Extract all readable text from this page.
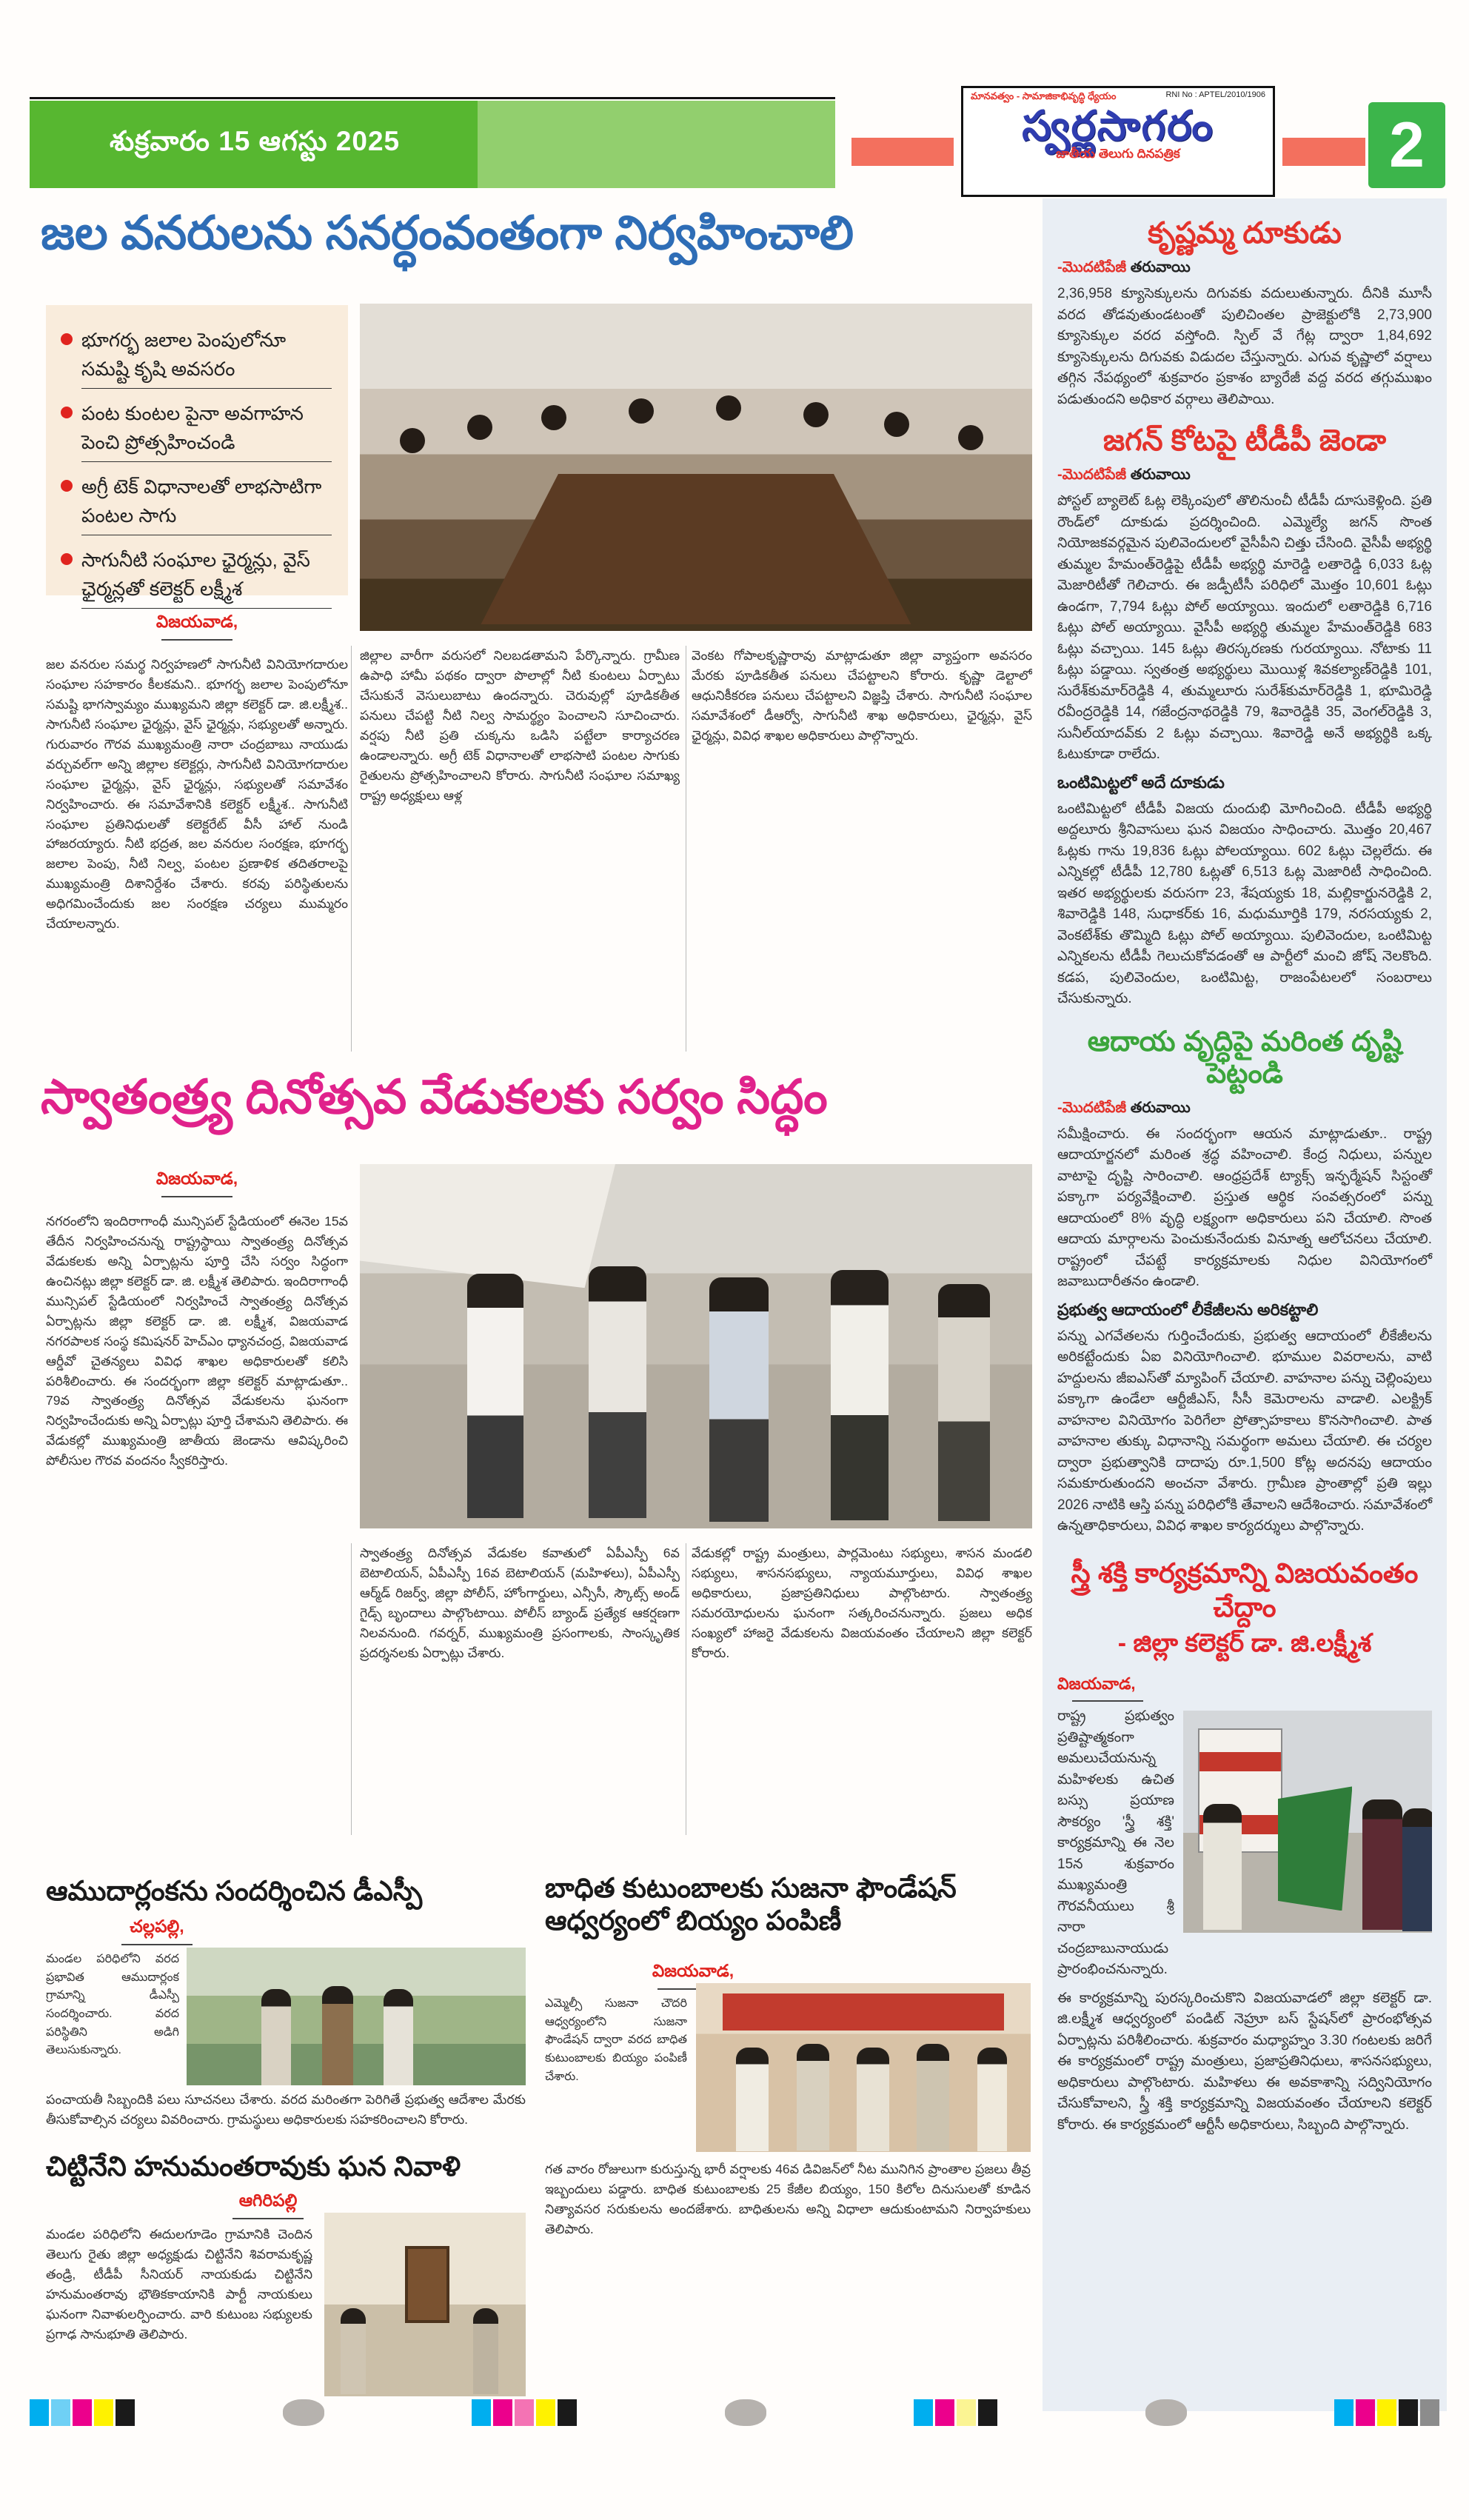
శుక్రవారం 15 ఆగస్టు 2025
మానవత్వం - సామాజికాభివృద్ధి ధ్యేయం	RNI No : APTEL/2010/1906
స్వర్ణసాగరం
జాతీయ తెలుగు దినపత్రిక	2
జల వనరులను సనర్ధంవంతంగా నిర్వహించాలి
భూగర్భ జలాల పెంపులోనూ సమష్టి కృషి అవసరం
పంట కుంటల పైనా అవగాహన పెంచి ప్రోత్సహించండి
అగ్రీ టెక్ విధానాలతో లాభసాటిగా పంటల సాగు
సాగునీటి సంఘాల ఛైర్మన్లు, వైస్ ఛైర్మన్లతో కలెక్టర్ లక్ష్మీశ
విజయవాడ,
జల వనరుల సమర్థ నిర్వహణలో సాగునీటి వినియోగదారుల సంఘాల సహకారం కీలకమని.. భూగర్భ జలాల పెంపులోనూ సమష్టి భాగస్వామ్యం ముఖ్యమని జిల్లా కలెక్టర్ డా. జి.లక్ష్మీశ.. సాగునీటి సంఘాల ఛైర్మన్లు, వైస్ ఛైర్మన్లు, సభ్యులతో అన్నారు. గురువారం గౌరవ ముఖ్యమంత్రి నారా చంద్రబాబు నాయుడు వర్చువల్‌గా అన్ని జిల్లాల కలెక్టర్లు, సాగునీటి వినియోగదారుల సంఘాల ఛైర్మన్లు, వైస్ ఛైర్మన్లు, సభ్యులతో సమావేశం నిర్వహించారు. ఈ సమావేశానికి కలెక్టర్ లక్ష్మీశ.. సాగునీటి సంఘాల ప్రతినిధులతో కలెక్టరేట్ వీసీ హాల్ నుండి హాజరయ్యారు. నీటి భద్రత, జల వనరుల సంరక్షణ, భూగర్భ జలాల పెంపు, నీటి నిల్వ, పంటల ప్రణాళిక తదితరాలపై ముఖ్యమంత్రి దిశానిర్దేశం చేశారు. కరవు పరిస్థితులను అధిగమించేందుకు జల సంరక్షణ చర్యలు ముమ్మరం చేయాలన్నారు.
జిల్లాల వారీగా వరుసలో నిలబడతామని పేర్కొన్నారు. గ్రామీణ ఉపాధి హామీ పథకం ద్వారా పొలాల్లో నీటి కుంటలు ఏర్పాటు చేసుకునే వెసులుబాటు ఉందన్నారు. చెరువుల్లో పూడికతీత పనులు చేపట్టి నీటి నిల్వ సామర్థ్యం పెంచాలని సూచించారు. వర్షపు నీటి ప్రతి చుక్కను ఒడిసి పట్టేలా కార్యాచరణ ఉండాలన్నారు. అగ్రీ టెక్ విధానాలతో లాభసాటి పంటల సాగుకు రైతులను ప్రోత్సహించాలని కోరారు. సాగునీటి సంఘాల సమాఖ్య రాష్ట్ర అధ్యక్షులు ఆళ్ల
వెంకట గోపాలకృష్ణారావు మాట్లాడుతూ జిల్లా వ్యాప్తంగా అవసరం మేరకు పూడికతీత పనులు చేపట్టాలని కోరారు. కృష్ణా డెల్టాలో ఆధునికీకరణ పనులు చేపట్టాలని విజ్ఞప్తి చేశారు. సాగునీటి సంఘాల సమావేశంలో డీఆర్వో, సాగునీటి శాఖ అధికారులు, ఛైర్మన్లు, వైస్ ఛైర్మన్లు, వివిధ శాఖల అధికారులు పాల్గొన్నారు.
స్వాతంత్ర్య దినోత్సవ వేడుకలకు సర్వం సిద్ధం
విజయవాడ,
నగరంలోని ఇందిరాగాంధీ మున్సిపల్ స్టేడియంలో ఈనెల 15వ తేదీన నిర్వహించనున్న రాష్ట్రస్థాయి స్వాతంత్ర్య దినోత్సవ వేడుకలకు అన్ని ఏర్పాట్లను పూర్తి చేసి సర్వం సిద్ధంగా ఉంచినట్లు జిల్లా కలెక్టర్ డా. జి. లక్ష్మీశ తెలిపారు. ఇందిరాగాంధీ మున్సిపల్ స్టేడియంలో నిర్వహించే స్వాతంత్ర్య దినోత్సవ ఏర్పాట్లను జిల్లా కలెక్టర్ డా. జి. లక్ష్మీశ, విజయవాడ నగరపాలక సంస్థ కమిషనర్ హెచ్‌ఎం ధ్యానచంద్ర, విజయవాడ ఆర్డీవో చైతన్యలు వివిధ శాఖల అధికారులతో కలిసి పరిశీలించారు. ఈ సందర్భంగా జిల్లా కలెక్టర్ మాట్లాడుతూ.. 79వ స్వాతంత్ర్య దినోత్సవ వేడుకలను ఘనంగా నిర్వహించేందుకు అన్ని ఏర్పాట్లు పూర్తి చేశామని తెలిపారు. ఈ వేడుకల్లో ముఖ్యమంత్రి జాతీయ జెండాను ఆవిష్కరించి పోలీసుల గౌరవ వందనం స్వీకరిస్తారు.
స్వాతంత్ర్య దినోత్సవ వేడుకల కవాతులో ఏపీఎస్పీ 6వ బెటాలియన్, ఏపీఎస్పీ 16వ బెటాలియన్ (మహిళలు), ఏపీఎస్పీ ఆర్మ్‌డ్ రిజర్వ్, జిల్లా పోలీస్, హోంగార్డులు, ఎన్సీసీ, స్కౌట్స్ అండ్ గైడ్స్ బృందాలు పాల్గొంటాయి. పోలీస్ బ్యాండ్ ప్రత్యేక ఆకర్షణగా నిలవనుంది. గవర్నర్, ముఖ్యమంత్రి ప్రసంగాలకు, సాంస్కృతిక ప్రదర్శనలకు ఏర్పాట్లు చేశారు.
వేడుకల్లో రాష్ట్ర మంత్రులు, పార్లమెంటు సభ్యులు, శాసన మండలి సభ్యులు, శాసనసభ్యులు, న్యాయమూర్తులు, వివిధ శాఖల అధికారులు, ప్రజాప్రతినిధులు పాల్గొంటారు. స్వాతంత్ర్య సమరయోధులను ఘనంగా సత్కరించనున్నారు. ప్రజలు అధిక సంఖ్యలో హాజరై వేడుకలను విజయవంతం చేయాలని జిల్లా కలెక్టర్ కోరారు.
ఆముదార్లంకను సందర్శించిన డీఎస్పీ
చల్లపల్లి,
మండల పరిధిలోని వరద ప్రభావిత ఆముదార్లంక గ్రామాన్ని డీఎస్పీ సందర్శించారు. వరద పరిస్థితిని అడిగి తెలుసుకున్నారు.
పంచాయతీ సిబ్బందికి పలు సూచనలు చేశారు. వరద మరింతగా పెరిగితే ప్రభుత్వ ఆదేశాల మేరకు తీసుకోవాల్సిన చర్యలు వివరించారు. గ్రామస్థులు అధికారులకు సహకరించాలని కోరారు.
చిట్టినేని హనుమంతరావుకు ఘన నివాళి
ఆగిరిపల్లి
మండల పరిధిలోని ఈదులగూడెం గ్రామానికి చెందిన తెలుగు రైతు జిల్లా అధ్యక్షుడు చిట్టినేని శివరామకృష్ణ తండ్రి, టీడీపీ సీనియర్ నాయకుడు చిట్టినేని హనుమంతరావు భౌతికకాయానికి పార్టీ నాయకులు ఘనంగా నివాళులర్పించారు. వారి కుటుంబ సభ్యులకు ప్రగాఢ సానుభూతి తెలిపారు.
బాధిత కుటుంబాలకు సుజనా ఫౌండేషన్ ఆధ్వర్యంలో బియ్యం పంపిణీ
విజయవాడ,
ఎమ్మెల్సీ సుజనా చౌదరి ఆధ్వర్యంలోని సుజనా ఫౌండేషన్ ద్వారా వరద బాధిత కుటుంబాలకు బియ్యం పంపిణీ చేశారు.
గత వారం రోజులుగా కురుస్తున్న భారీ వర్షాలకు 46వ డివిజన్‌లో నీట మునిగిన ప్రాంతాల ప్రజలు తీవ్ర ఇబ్బందులు పడ్డారు. బాధిత కుటుంబాలకు 25 కేజీల బియ్యం, 150 కిలోల దినుసులతో కూడిన నిత్యావసర సరుకులను అందజేశారు. బాధితులను అన్ని విధాలా ఆదుకుంటామని నిర్వాహకులు తెలిపారు.
కృష్ణమ్మ దూకుడు
-మొదటిపేజీ తరువాయి
2,36,958 క్యూసెక్కులను దిగువకు వదులుతున్నారు. దీనికి మూసీ వరద తోడవుతుండటంతో పులిచింతల ప్రాజెక్టులోకి 2,73,900 క్యూసెక్కుల వరద వస్తోంది. స్పిల్ వే గేట్ల ద్వారా 1,84,692 క్యూసెక్కులను దిగువకు విడుదల చేస్తున్నారు. ఎగువ కృష్ణాలో వర్షాలు తగ్గిన నేపథ్యంలో శుక్రవారం ప్రకాశం బ్యారేజీ వద్ద వరద తగ్గుముఖం పడుతుందని అధికార వర్గాలు తెలిపాయి.
జగన్ కోటపై టీడీపీ జెండా
-మొదటిపేజీ తరువాయి
పోస్టల్ బ్యాలెట్ ఓట్ల లెక్కింపులో తొలినుంచీ టీడీపీ దూసుకెళ్లింది. ప్రతి రౌండ్‌లో దూకుడు ప్రదర్శించింది. ఎమ్మెల్యే జగన్ సొంత నియోజకవర్గమైన పులివెందులలో వైసీపీని చిత్తు చేసింది. వైసీపీ అభ్యర్థి తుమ్మల హేమంత్‌రెడ్డిపై టీడీపీ అభ్యర్థి మారెడ్డి లతారెడ్డి 6,033 ఓట్ల మెజారిటీతో గెలిచారు. ఈ జడ్పీటీసీ పరిధిలో మొత్తం 10,601 ఓట్లు ఉండగా, 7,794 ఓట్లు పోల్ అయ్యాయి. ఇందులో లతారెడ్డికి 6,716 ఓట్లు పోల్ అయ్యాయి. వైసీపీ అభ్యర్థి తుమ్మల హేమంత్‌రెడ్డికి 683 ఓట్లు వచ్చాయి. 145 ఓట్లు తిరస్కరణకు గురయ్యాయి. నోటాకు 11 ఓట్లు పడ్డాయి. స్వతంత్ర అభ్యర్థులు మొయిళ్ల శివకల్యాణ్‌రెడ్డికి 101, సురేశ్‌కుమార్‌రెడ్డికి 4, తుమ్మలూరు సురేశ్‌కుమార్‌రెడ్డికి 1, భూమిరెడ్డి రవీంద్రరెడ్డికి 14, గజేంద్రనాథరెడ్డికి 79, శివారెడ్డికి 35, వెంగల్‌రెడ్డికి 3, సునీల్‌యాదవ్‌కు 2 ఓట్లు వచ్చాయి. శివారెడ్డి అనే అభ్యర్థికి ఒక్క ఓటుకూడా రాలేదు.
ఒంటిమిట్టలో అదే దూకుడు
ఒంటిమిట్టలో టీడీపీ విజయ దుందుభి మోగించింది. టీడీపీ అభ్యర్థి అద్దలూరు శ్రీనివాసులు ఘన విజయం సాధించారు. మొత్తం 20,467 ఓట్లకు గాను 19,836 ఓట్లు పోలయ్యాయి. 602 ఓట్లు చెల్లలేదు. ఈ ఎన్నికల్లో టీడీపీ 12,780 ఓట్లతో 6,513 ఓట్ల మెజారిటీ సాధించింది. ఇతర అభ్యర్థులకు వరుసగా 23, శేషయ్యకు 18, మల్లికార్జునరెడ్డికి 2, శివారెడ్డికి 148, సుధాకర్‌కు 16, మధుమూర్తికి 179, నరసయ్యకు 2, వెంకటేశ్‌కు తొమ్మిది ఓట్లు పోల్ అయ్యాయి. పులివెందుల, ఒంటిమిట్ట ఎన్నికలను టీడీపీ గెలుచుకోవడంతో ఆ పార్టీలో మంచి జోష్ నెలకొంది. కడప, పులివెందుల, ఒంటిమిట్ట, రాజంపేటలలో సంబరాలు చేసుకున్నారు.
ఆదాయ వృద్ధిపై మరింత దృష్టి పెట్టండి
-మొదటిపేజీ తరువాయి
సమీక్షించారు. ఈ సందర్భంగా ఆయన మాట్లాడుతూ.. రాష్ట్ర ఆదాయార్జనలో మరింత శ్రద్ధ వహించాలి. కేంద్ర నిధులు, పన్నుల వాటాపై దృష్టి సారించాలి. ఆంధ్రప్రదేశ్ ట్యాక్స్ ఇన్ఫర్మేషన్ సిస్టంతో పక్కాగా పర్యవేక్షించాలి. ప్రస్తుత ఆర్థిక సంవత్సరంలో పన్ను ఆదాయంలో 8% వృద్ధి లక్ష్యంగా అధికారులు పని చేయాలి. సొంత ఆదాయ మార్గాలను పెంచుకునేందుకు వినూత్న ఆలోచనలు చేయాలి. రాష్ట్రంలో చేపట్టే కార్యక్రమాలకు నిధుల వినియోగంలో జవాబుదారీతనం ఉండాలి.
ప్రభుత్వ ఆదాయంలో లీకేజీలను అరికట్టాలి
పన్ను ఎగవేతలను గుర్తించేందుకు, ప్రభుత్వ ఆదాయంలో లీకేజీలను అరికట్టేందుకు ఏఐ వినియోగించాలి. భూముల వివరాలను, వాటి హద్దులను జీఐఎస్‌తో మ్యాపింగ్ చేయాలి. వాహనాల పన్ను చెల్లింపులు పక్కాగా ఉండేలా ఆర్టీజీఎస్, సీసీ కెమెరాలను వాడాలి. ఎలక్ట్రిక్ వాహనాల వినియోగం పెరిగేలా ప్రోత్సాహకాలు కొనసాగించాలి. పాత వాహనాల తుక్కు విధానాన్ని సమర్థంగా అమలు చేయాలి. ఈ చర్యల ద్వారా ప్రభుత్వానికి దాదాపు రూ.1,500 కోట్ల అదనపు ఆదాయం సమకూరుతుందని అంచనా వేశారు. గ్రామీణ ప్రాంతాల్లో ప్రతి ఇల్లు 2026 నాటికి ఆస్తి పన్ను పరిధిలోకి తేవాలని ఆదేశించారు. సమావేశంలో ఉన్నతాధికారులు, వివిధ శాఖల కార్యదర్శులు పాల్గొన్నారు.
స్త్రీ శక్తి కార్యక్రమాన్ని విజయవంతం చేద్దాం
- జిల్లా కలెక్టర్ డా. జి.లక్ష్మీశ
విజయవాడ,
రాష్ట్ర ప్రభుత్వం ప్రతిష్టాత్మకంగా అమలుచేయనున్న మహిళలకు ఉచిత బస్సు ప్రయాణ సౌకర్యం 'స్త్రీ శక్తి' కార్యక్రమాన్ని ఈ నెల 15న శుక్రవారం ముఖ్యమంత్రి గౌరవనీయులు శ్రీ నారా చంద్రబాబునాయుడు ప్రారంభించనున్నారు.
ఈ కార్యక్రమాన్ని పురస్కరించుకొని విజయవాడలో జిల్లా కలెక్టర్ డా. జి.లక్ష్మీశ ఆధ్వర్యంలో పండిట్ నెహ్రూ బస్ స్టేషన్‌లో ప్రారంభోత్సవ ఏర్పాట్లను పరిశీలించారు. శుక్రవారం మధ్యాహ్నం 3.30 గంటలకు జరిగే ఈ కార్యక్రమంలో రాష్ట్ర మంత్రులు, ప్రజాప్రతినిధులు, శాసనసభ్యులు, అధికారులు పాల్గొంటారు. మహిళలు ఈ అవకాశాన్ని సద్వినియోగం చేసుకోవాలని, స్త్రీ శక్తి కార్యక్రమాన్ని విజయవంతం చేయాలని కలెక్టర్ కోరారు. ఈ కార్యక్రమంలో ఆర్టీసీ అధికారులు, సిబ్బంది పాల్గొన్నారు.
